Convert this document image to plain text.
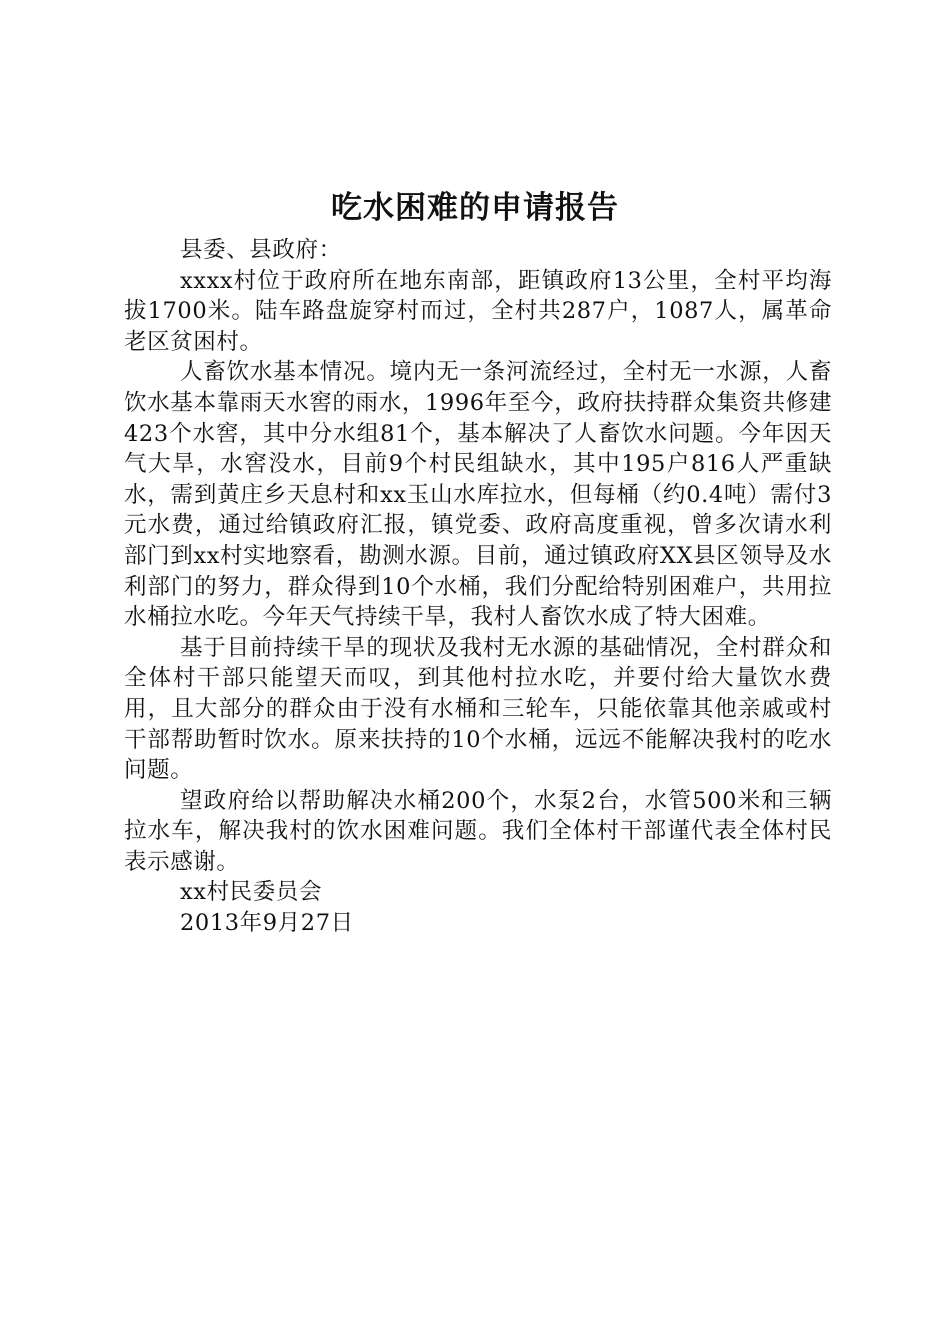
吃水困难的申请报告

县委、县政府：

xxxx村位于政府所在地东南部，距镇政府13公里，全村平均海拔1700米。陆车路盘旋穿村而过，全村共287户，1087人，属革命老区贫困村。

人畜饮水基本情况。境内无一条河流经过，全村无一水源，人畜饮水基本靠雨天水窖的雨水，1996年至今，政府扶持群众集资共修建423个水窖，其中分水组81个，基本解决了人畜饮水问题。今年因天气大旱，水窖没水，目前9个村民组缺水，其中195户816人严重缺水，需到黄庄乡天息村和xx玉山水库拉水，但每桶（约0.4吨）需付3元水费，通过给镇政府汇报，镇党委、政府高度重视，曾多次请水利部门到xx村实地察看，勘测水源。目前，通过镇政府XX县区领导及水利部门的努力，群众得到10个水桶，我们分配给特别困难户，共用拉水桶拉水吃。今年天气持续干旱，我村人畜饮水成了特大困难。

基于目前持续干旱的现状及我村无水源的基础情况，全村群众和全体村干部只能望天而叹，到其他村拉水吃，并要付给大量饮水费用，且大部分的群众由于没有水桶和三轮车，只能依靠其他亲戚或村干部帮助暂时饮水。原来扶持的10个水桶，远远不能解决我村的吃水问题。

望政府给以帮助解决水桶200个，水泵2台，水管500米和三辆拉水车，解决我村的饮水困难问题。我们全体村干部谨代表全体村民表示感谢。

xx村民委员会

2013年9月27日
